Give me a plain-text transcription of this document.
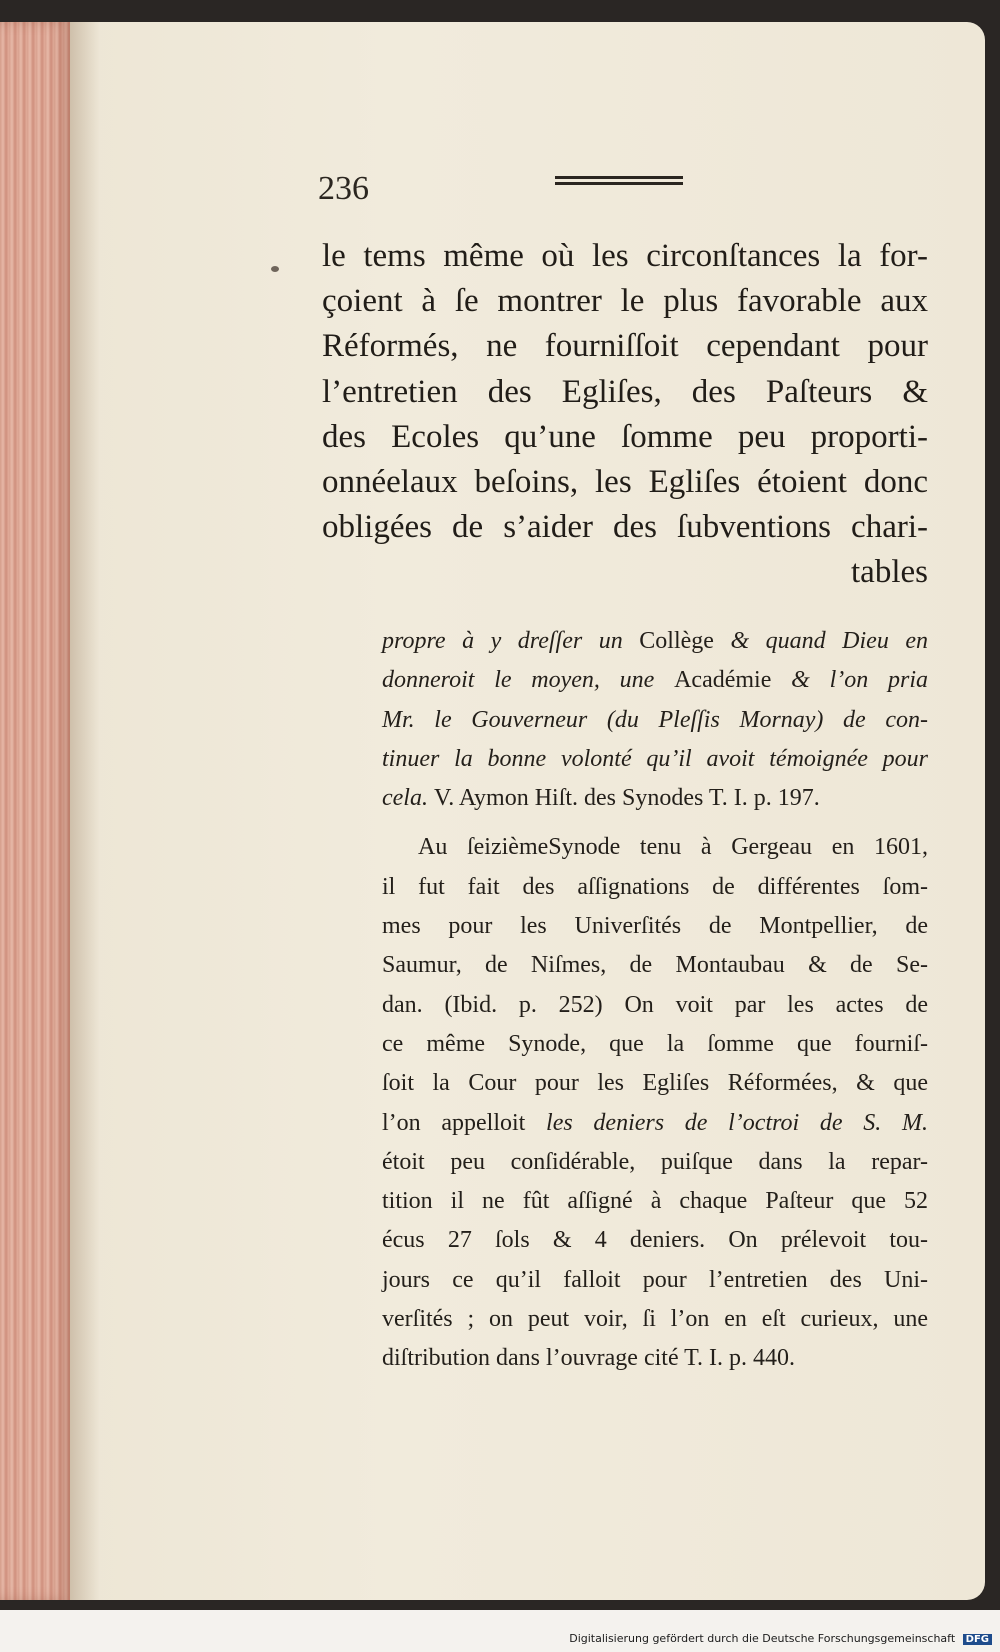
236
le tems même où les circonſtances la for-
çoient à ſe montrer le plus favorable aux
Réformés, ne fourniſſoit cependant pour
l’entretien des Egliſes, des Paſteurs &
des Ecoles qu’une ſomme peu proporti-
onnéelaux beſoins, les Egliſes étoient donc
obligées de s’aider des ſubventions chari-
tables
propre à y dreſſer un Collège & quand Dieu en
donneroit le moyen, une Académie & l’on pria
Mr. le Gouverneur (du Pleſſis Mornay) de con-
tinuer la bonne volonté qu’il avoit témoignée pour
cela. V. Aymon Hiſt. des Synodes T. I. p. 197.
Au ſeizièmeSynode tenu à Gergeau en 1601,
il fut fait des aſſignations de différentes ſom-
mes pour les Univerſités de Montpellier, de
Saumur, de Niſmes, de Montaubau & de Se-
dan. (Ibid. p. 252) On voit par les actes de
ce même Synode, que la ſomme que fourniſ-
ſoit la Cour pour les Egliſes Réformées, & que
l’on appelloit les deniers de l’octroi de S. M.
étoit peu conſidérable, puiſque dans la repar-
tition il ne fût aſſigné à chaque Paſteur que 52
écus 27 ſols & 4 deniers. On prélevoit tou-
jours ce qu’il falloit pour l’entretien des Uni-
verſités ; on peut voir, ſi l’on en eſt curieux, une
diſtribution dans l’ouvrage cité T. I. p. 440.
Digitalisierung gefördert durch die Deutsche Forschungsgemeinschaft DFG
